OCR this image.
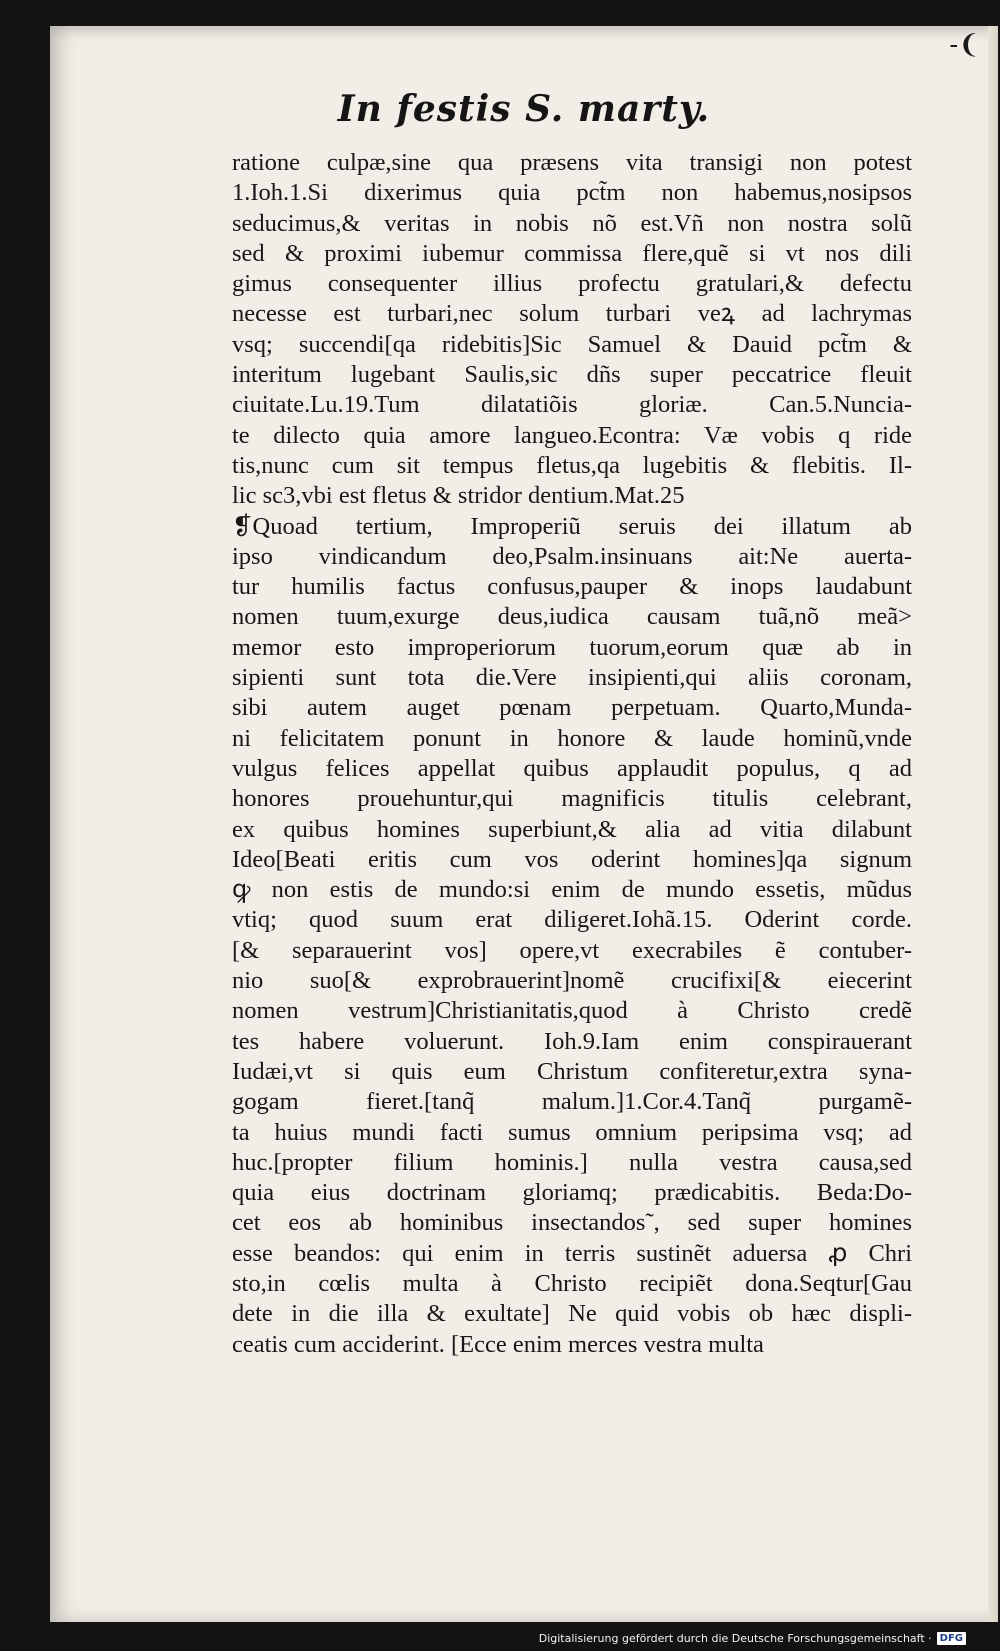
-❨
In festis S. marty.
ratione culpæ,sine qua præsens vita transigi non potest
1.Ioh.1.Si dixerimus quia pct̃m non habemus,nosipsos
seducimus,& veritas in nobis nõ est.Vñ non nostra solũ
sed & proximi iubemur commissa flere,quẽ si vt nos dili
gimus consequenter illius profectu gratulari,& defectu
necesse est turbari,nec solum turbari veꝝ ad lachrymas
vsq; succendi[qa ridebitis]Sic Samuel & Dauid pct̃m &
interitum lugebant Saulis,sic dñs super peccatrice fleuit
ciuitate.Lu.19.Tum dilatatiõis gloriæ. Can.5.Nuncia-
te dilecto quia amore langueo.Econtra: Væ vobis q ride
tis,nunc cum sit tempus fletus,qa lugebitis & flebitis. Il-
lic sc3,vbi est fletus & stridor dentium.Mat.25
❡Quoad tertium, Improperiũ seruis dei illatum ab
ipso vindicandum deo,Psalm.insinuans ait:Ne auerta-
tur humilis factus confusus,pauper & inops laudabunt
nomen tuum,exurge deus,iudica causam tuã,nõ meã>
memor esto improperiorum tuorum,eorum quæ ab in
sipienti sunt tota die.Vere insipienti,qui aliis coronam,
sibi autem auget pœnam perpetuam. Quarto,Munda-
ni felicitatem ponunt in honore & laude hominũ,vnde
vulgus felices appellat quibus applaudit populus, q ad
honores prouehuntur,qui magnificis titulis celebrant,
ex quibus homines superbiunt,& alia ad vitia dilabunt
Ideo[Beati eritis cum vos oderint homines]qa signum
ꝙ non estis de mundo:si enim de mundo essetis, mũdus
vtiq; quod suum erat diligeret.Iohã.15. Oderint corde.
[& separauerint vos] opere,vt execrabiles ẽ contuber-
nio suo[& exprobrauerint]nomẽ crucifixi[& eiecerint
nomen vestrum]Christianitatis,quod à Christo credẽ
tes habere voluerunt. Ioh.9.Iam enim conspirauerant
Iudæi,vt si quis eum Christum confiteretur,extra syna-
gogam fieret.[tanq̃ malum.]1.Cor.4.Tanq̃ purgamẽ-
ta huius mundi facti sumus omnium peripsima vsq; ad
huc.[propter filium hominis.] nulla vestra causa,sed
quia eius doctrinam gloriamq; prædicabitis. Beda:Do-
cet eos ab hominibus insectandos˜, sed super homines
esse beandos: qui enim in terris sustinẽt aduersa ꝓ Chri
sto,in cœlis multa à Christo recipiẽt dona.Seqtur[Gau
dete in die illa & exultate] Ne quid vobis ob hæc displi-
ceatis cum acciderint. [Ecce enim merces vestra multa
Digitalisierung gefördert durch die Deutsche Forschungsgemeinschaft · DFG
